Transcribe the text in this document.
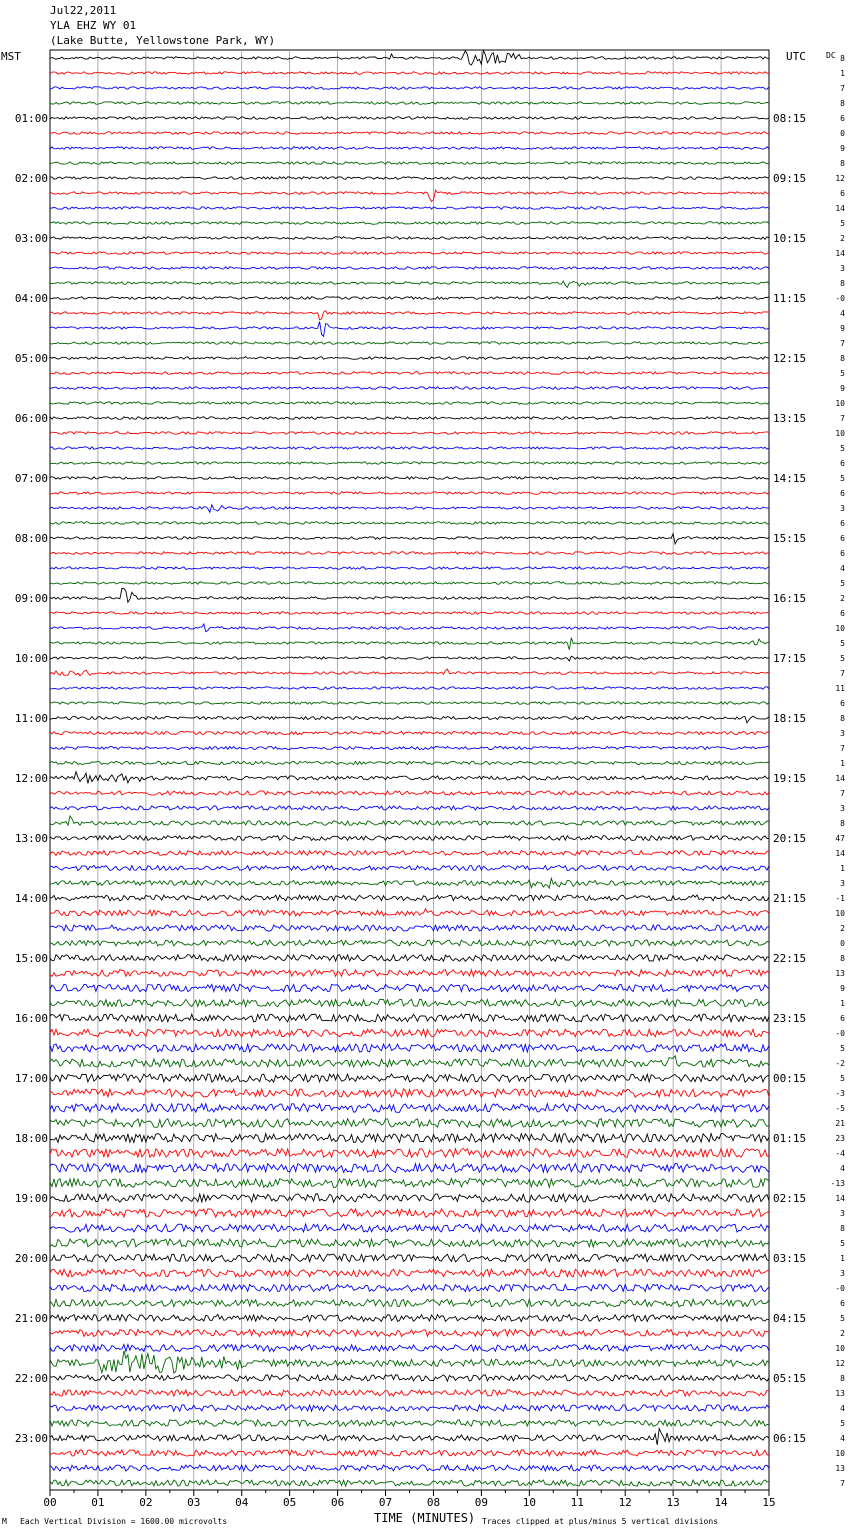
Jul22,2011
YLA EHZ WY 01
(Lake Butte, Yellowstone Park, WY)
MST	UTC	DC
00	01	02	03	04	05	06	07	08	09	10	11	12	13	14	15
01:00	08:15
02:00	09:15
03:00	10:15
04:00	11:15
05:00	12:15
06:00	13:15
07:00	14:15
08:00	15:15
09:00	16:15
10:00	17:15
11:00	18:15
12:00	19:15
13:00	20:15
14:00	21:15
15:00	22:15
16:00	23:15
17:00	00:15
18:00	01:15
19:00	02:15
20:00	03:15
21:00	04:15
22:00	05:15
23:00	06:15
8
1
7
8
6
0
9
8
12
6
14
5
2
14
3
8
-0
4
9
7
8
5
9
10
7
10
5
6
5
6
3
6
6
6
4
5
2
6
10
5
5
7
11
6
8
3
7
1
14
7
3
8
47
14
1
3
-1
10
2
0
8
13
9
1
6
-0
5
-2
5
-3
-5
21
23
-4
4
-13
14
3
8
5
1
3
-0
6
5
2
10
12
8
13
4
5
4
10
13
7
M Each Vertical Division = 1600.00 microvolts	TIME (MINUTES) Traces clipped at plus/minus 5 vertical divisions
